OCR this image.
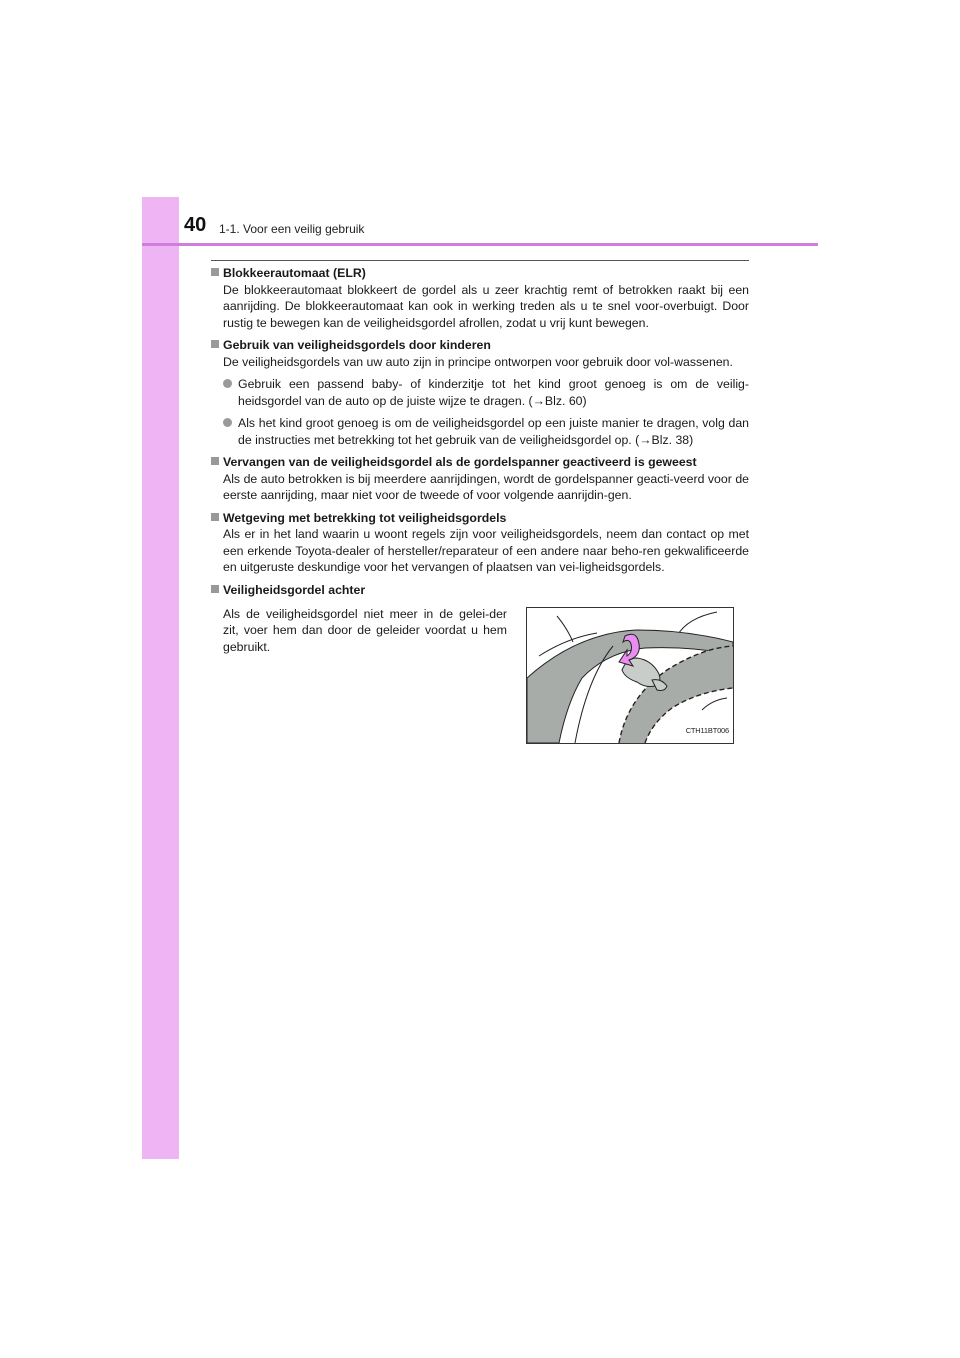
40 1-1. Voor een veilig gebruik
Blokkeerautomaat (ELR)
De blokkeerautomaat blokkeert de gordel als u zeer krachtig remt of betrokken raakt bij een aanrijding. De blokkeerautomaat kan ook in werking treden als u te snel voor-overbuigt. Door rustig te bewegen kan de veiligheidsgordel afrollen, zodat u vrij kunt bewegen.
Gebruik van veiligheidsgordels door kinderen
De veiligheidsgordels van uw auto zijn in principe ontworpen voor gebruik door vol-wassenen.
Gebruik een passend baby- of kinderzitje tot het kind groot genoeg is om de veilig-heidsgordel van de auto op de juiste wijze te dragen. (→Blz. 60)
Als het kind groot genoeg is om de veiligheidsgordel op een juiste manier te dragen, volg dan de instructies met betrekking tot het gebruik van de veiligheidsgordel op. (→Blz. 38)
Vervangen van de veiligheidsgordel als de gordelspanner geactiveerd is geweest
Als de auto betrokken is bij meerdere aanrijdingen, wordt de gordelspanner geacti-veerd voor de eerste aanrijding, maar niet voor de tweede of voor volgende aanrijdin-gen.
Wetgeving met betrekking tot veiligheidsgordels
Als er in het land waarin u woont regels zijn voor veiligheidsgordels, neem dan contact op met een erkende Toyota-dealer of hersteller/reparateur of een andere naar beho-ren gekwalificeerde en uitgeruste deskundige voor het vervangen of plaatsen van vei-ligheidsgordels.
Veiligheidsgordel achter
Als de veiligheidsgordel niet meer in de gelei-der zit, voer hem dan door de geleider voordat u hem gebruikt.
CTH11BT006
